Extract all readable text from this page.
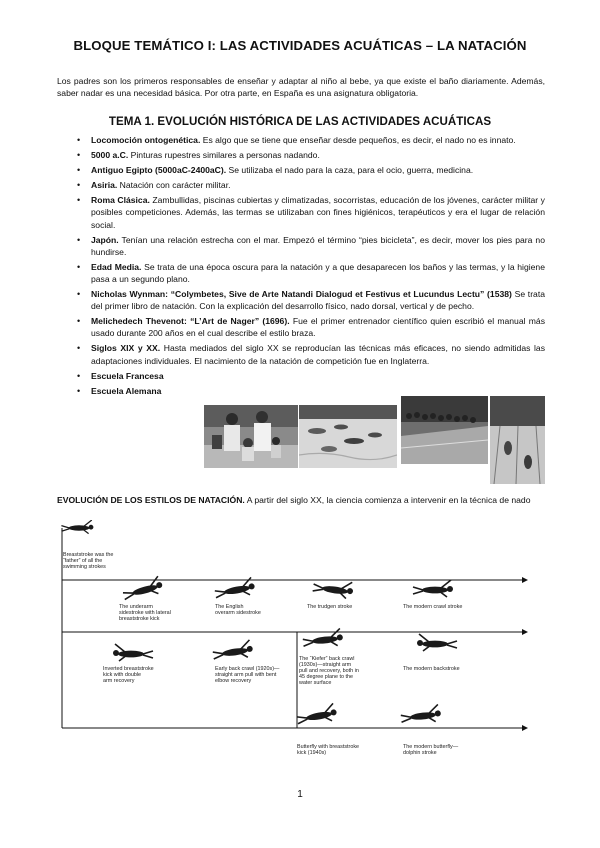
BLOQUE TEMÁTICO I: LAS ACTIVIDADES ACUÁTICAS – LA NATACIÓN
Los padres son los primeros responsables de enseñar y adaptar al niño al bebe, ya que existe el baño diariamente. Además, saber nadar es una necesidad básica. Por otra parte, en España es una asignatura obligatoria.
TEMA 1. EVOLUCIÓN HISTÓRICA DE LAS ACTIVIDADES ACUÁTICAS
• Locomoción ontogenética. Es algo que se tiene que enseñar desde pequeños, es decir, el nado no es innato.
• 5000 a.C. Pinturas rupestres similares a personas nadando.
• Antiguo Egipto (5000aC-2400aC). Se utilizaba el nado para la caza, para el ocio, guerra, medicina.
• Asiria. Natación con carácter militar.
• Roma Clásica. Zambullidas, piscinas cubiertas y climatizadas, socorristas, educación de los jóvenes, carácter militar y posibles competiciones. Además, las termas se utilizaban con fines higiénicos, terapéuticos y era el lugar de relación social.
• Japón. Tenían una relación estrecha con el mar. Empezó el término “pies bicicleta”, es decir, mover los pies para no hundirse.
• Edad Media. Se trata de una época oscura para la natación y a que desaparecen los baños y las termas, y la higiene pasa a un segundo plano.
• Nicholas Wynman: “Colymbetes, Sive de Arte Natandi Dialogud et Festivus et Lucundus Lectu” (1538) Se trata del primer libro de natación. Con la explicación del desarrollo físico, nado dorsal, vertical y de pecho.
• Melichedech Thevenot: “L’Art de Nager” (1696). Fue el primer entrenador científico quien escribió el manual más usado durante 200 años en el cual describe el estilo braza.
• Siglos XIX y XX. Hasta mediados del siglo XX se reproducían las técnicas más eficaces, no siendo admitidas las adaptaciones individuales. El nacimiento de la natación de competición fue en Inglaterra.
• Escuela Francesa
• Escuela Alemana
EVOLUCIÓN DE LOS ESTILOS DE NATACIÓN. A partir del siglo XX, la ciencia comienza a intervenir en la técnica de nado
Breaststroke was the “father” of all the swimming strokes
The underarm sidestroke with lateral breaststroke kick
The English overarm sidestroke
The trudgen stroke	The modern crawl stroke
Inverted breaststroke kick with double arm recovery
Early back crawl (1920s)— straight arm pull with bent elbow recovery
The “Kiefer” back crawl (1930s)—straight arm pull and recovery, both in 45 degree plane to the water surface
The modern backstroke
Butterfly with breaststroke kick (1940s)
The modern butterfly— dolphin stroke
1
